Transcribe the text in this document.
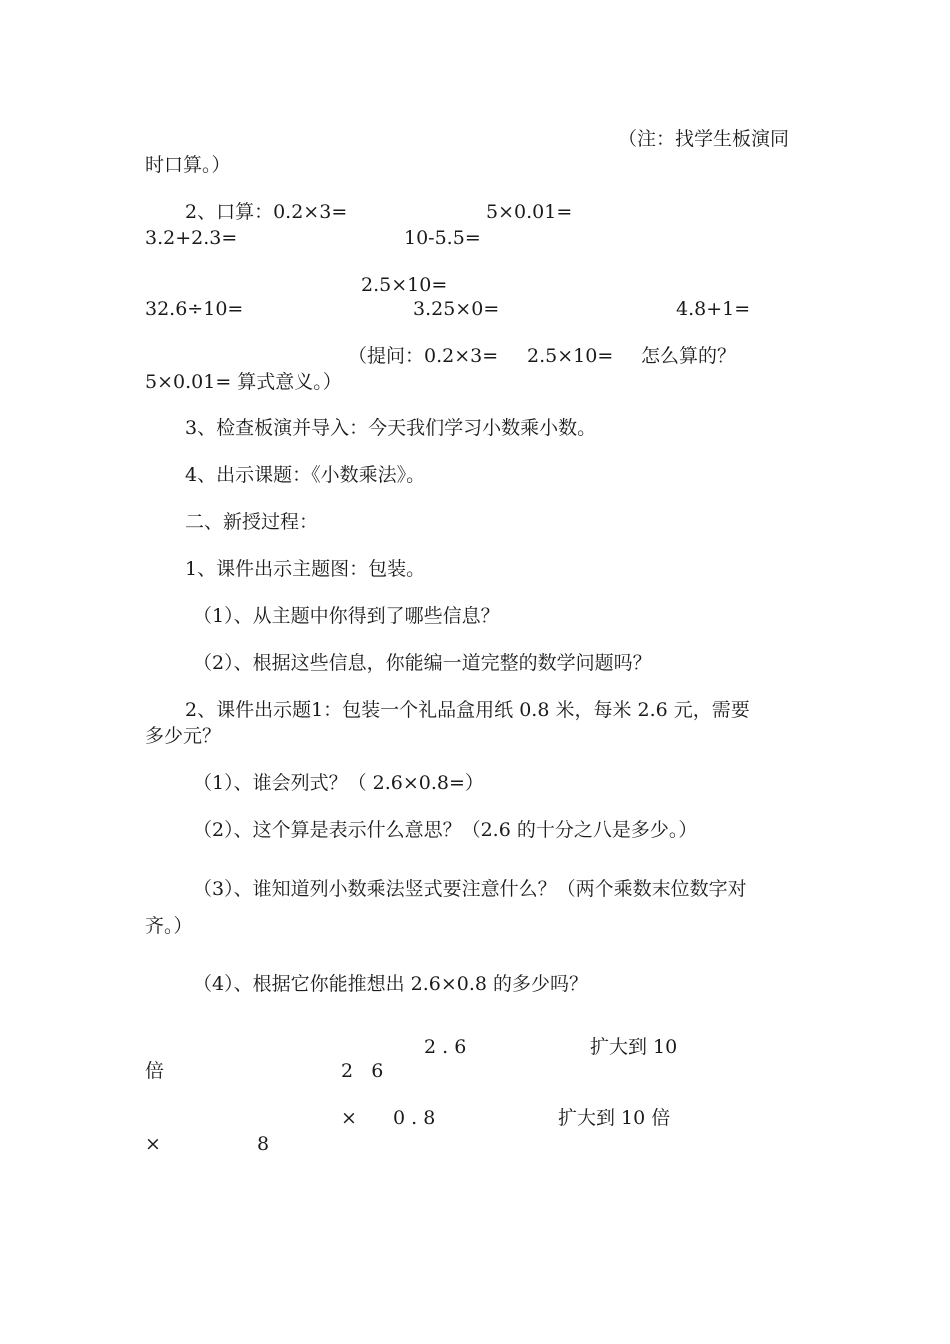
（注：找学生板演同
时口算。）
2、口算：0.2×3=	5×0.01=
3.2+2.3=	10-5.5=
2.5×10=
32.6÷10=	3.25×0=	4.8+1=
（提问：0.2×3= 2.5×10= 怎么算的？
5×0.01= 算式意义。）
3、检查板演并导入：今天我们学习小数乘小数。
4、出示课题：《小数乘法》。
二、新授过程：
1、课件出示主题图：包装。
（1）、从主题中你得到了哪些信息？
（2）、根据这些信息，你能编一道完整的数学问题吗？
2、课件出示题1：包装一个礼品盒用纸 0.8 米，每米 2.6 元，需要
多少元？
（1）、谁会列式？（ 2.6×0.8=）
（2）、这个算是表示什么意思？（2.6 的十分之八是多少。）
（3）、谁知道列小数乘法竖式要注意什么？（两个乘数末位数字对
齐。）
（4）、根据它你能推想出 2.6×0.8 的多少吗？
2 . 6	扩大到 10
倍	2   6
× 0 . 8	扩大到 10 倍
×	8
